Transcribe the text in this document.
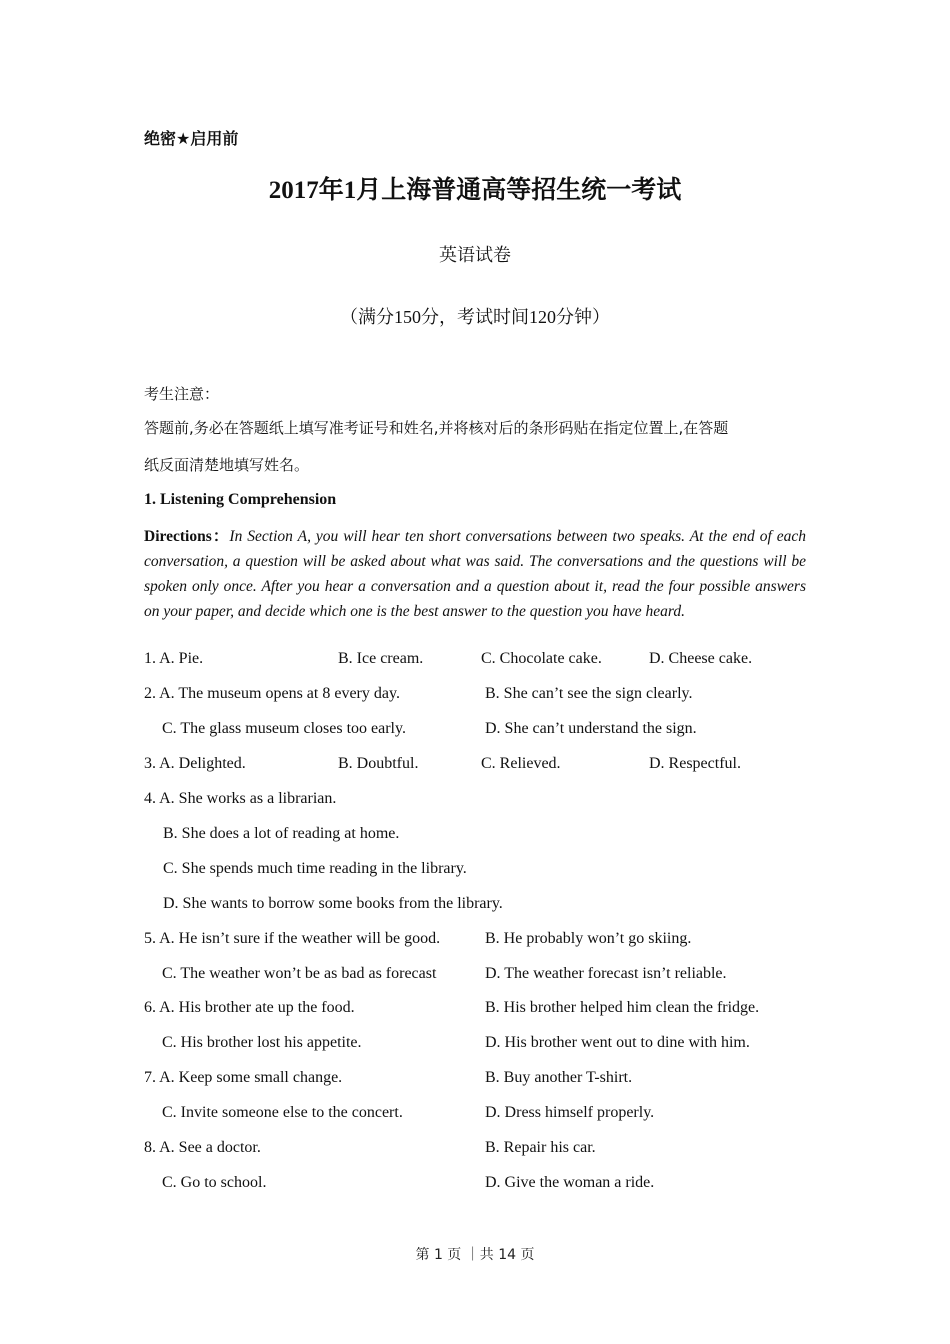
绝密★启用前
2017年1月上海普通高等招生统一考试
英语试卷
（满分150分，考试时间120分钟）
考生注意：
答题前,务必在答题纸上填写准考证号和姓名,并将核对后的条形码贴在指定位置上,在答题
纸反面清楚地填写姓名。
1. Listening Comprehension
Directions：In Section A, you will hear ten short conversations between two speaks. At the end of each conversation, a question will be asked about what was said. The conversations and the questions will be spoken only once. After you hear a conversation and a question about it, read the four possible answers on your paper, and decide which one is the best answer to the question you have heard.
1. A. Pie.	B. Ice cream.	C. Chocolate cake.	D. Cheese cake.
2. A. The museum opens at 8 every day.	B. She can’t see the sign clearly.
C. The glass museum closes too early.	D. She can’t understand the sign.
3. A. Delighted.	B. Doubtful.	C. Relieved.	D. Respectful.
4. A. She works as a librarian.
B. She does a lot of reading at home.
C. She spends much time reading in the library.
D. She wants to borrow some books from the library.
5. A. He isn’t sure if the weather will be good.	B. He probably won’t go skiing.
C. The weather won’t be as bad as forecast	D. The weather forecast isn’t reliable.
6. A. His brother ate up the food.	B. His brother helped him clean the fridge.
C. His brother lost his appetite.	D. His brother went out to dine with him.
7. A. Keep some small change.	B. Buy another T-shirt.
C. Invite someone else to the concert.	D. Dress himself properly.
8. A. See a doctor.	B. Repair his car.
C. Go to school.	D. Give the woman a ride.
第 1 页 ｜共 14 页
